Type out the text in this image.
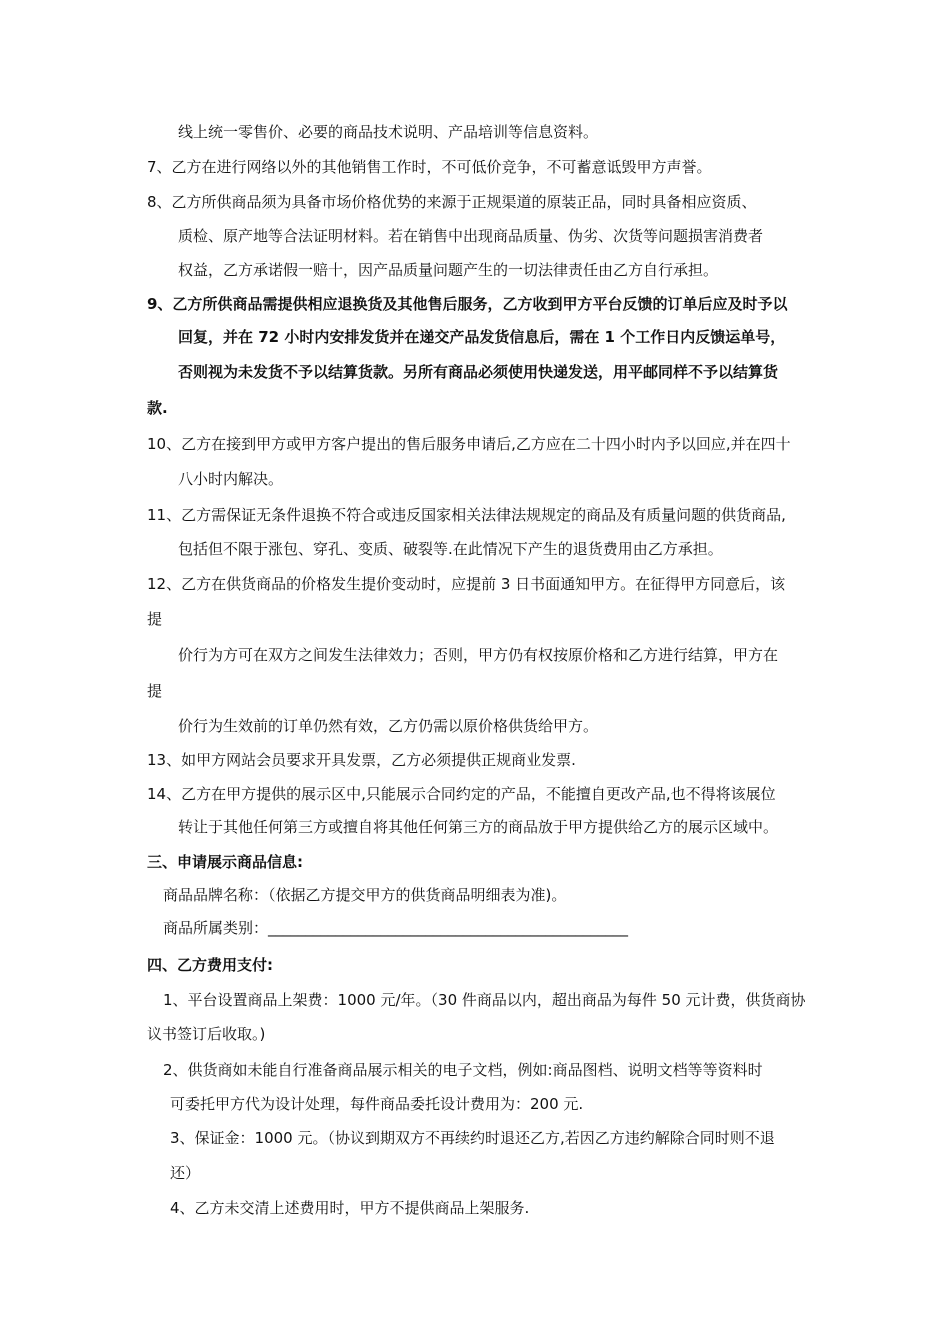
线上统一零售价、必要的商品技术说明、产品培训等信息资料。
7、乙方在进行网络以外的其他销售工作时，不可低价竞争，不可蓄意诋毁甲方声誉。
8、乙方所供商品须为具备市场价格优势的来源于正规渠道的原装正品，同时具备相应资质、
质检、原产地等合法证明材料。若在销售中出现商品质量、伪劣、次货等问题损害消费者
权益，乙方承诺假一赔十，因产品质量问题产生的一切法律责任由乙方自行承担。
9、乙方所供商品需提供相应退换货及其他售后服务，乙方收到甲方平台反馈的订单后应及时予以
回复，并在 72 小时内安排发货并在递交产品发货信息后，需在 1 个工作日内反馈运单号，
否则视为未发货不予以结算货款。另所有商品必须使用快递发送，用平邮同样不予以结算货
款.
10、乙方在接到甲方或甲方客户提出的售后服务申请后,乙方应在二十四小时内予以回应,并在四十
八小时内解决。
11、乙方需保证无条件退换不符合或违反国家相关法律法规规定的商品及有质量问题的供货商品,
包括但不限于涨包、穿孔、变质、破裂等.在此情况下产生的退货费用由乙方承担。
12、乙方在供货商品的价格发生提价变动时，应提前 3 日书面通知甲方。在征得甲方同意后，该
提
价行为方可在双方之间发生法律效力；否则，甲方仍有权按原价格和乙方进行结算，甲方在
提
价行为生效前的订单仍然有效，乙方仍需以原价格供货给甲方。
13、如甲方网站会员要求开具发票，乙方必须提供正规商业发票.
14、乙方在甲方提供的展示区中,只能展示合同约定的产品，不能擅自更改产品,也不得将该展位
转让于其他任何第三方或擅自将其他任何第三方的商品放于甲方提供给乙方的展示区域中。
三、申请展示商品信息:
商品品牌名称：（依据乙方提交甲方的供货商品明细表为准)。
商品所属类别：________________________________________________
四、乙方费用支付:
1、平台设置商品上架费：1000 元/年。（30 件商品以内，超出商品为每件 50 元计费，供货商协
议书签订后收取。)
2、供货商如未能自行准备商品展示相关的电子文档，例如:商品图档、说明文档等等资料时
可委托甲方代为设计处理，每件商品委托设计费用为：200 元.
3、保证金：1000 元。（协议到期双方不再续约时退还乙方,若因乙方违约解除合同时则不退
还）
4、乙方未交清上述费用时，甲方不提供商品上架服务.
